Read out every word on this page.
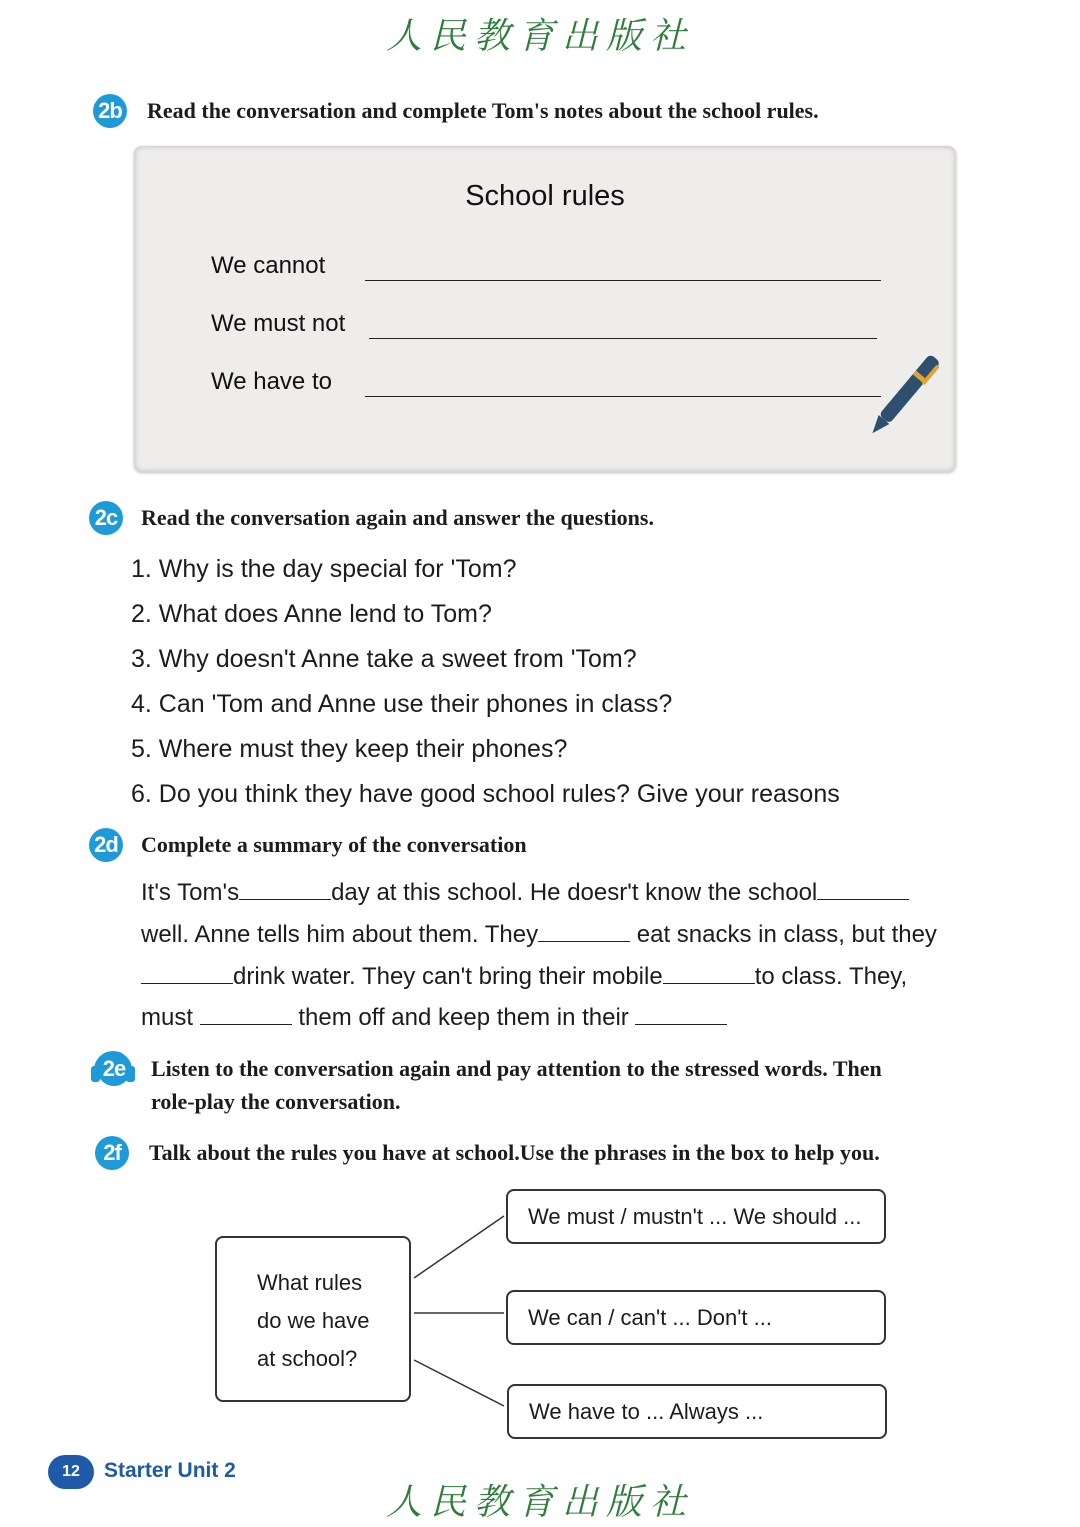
人民教育出版社
2b Read the conversation and complete Tom's notes about the school rules.
School rules
We cannot
We must not
We have to
2c Read the conversation again and answer the questions.
1. Why is the day special for 'Tom?
2. What does Anne lend to Tom?
3. Why doesn't Anne take a sweet from 'Tom?
4. Can 'Tom and Anne use their phones in class?
5. Where must they keep their phones?
6. Do you think they have good school rules? Give your reasons
2d Complete a summary of the conversation
It's Tom's	day at this school. He doesr't know the school
well. Anne tells him about them. They	eat snacks in class, but they
drink water. They can't bring their mobile	to class. They,
must	them off and keep them in their
2e Listen to the conversation again and pay attention to the stressed words. Then
role-play the conversation.
2f	Talk about the rules you have at school.Use the phrases in the box to help you.
What rules
do we have
at school?
We must / mustn't ... We should ...
We can / can't ... Don't ...
We have to ... Always ...
12	Starter Unit 2
人民教育出版社
